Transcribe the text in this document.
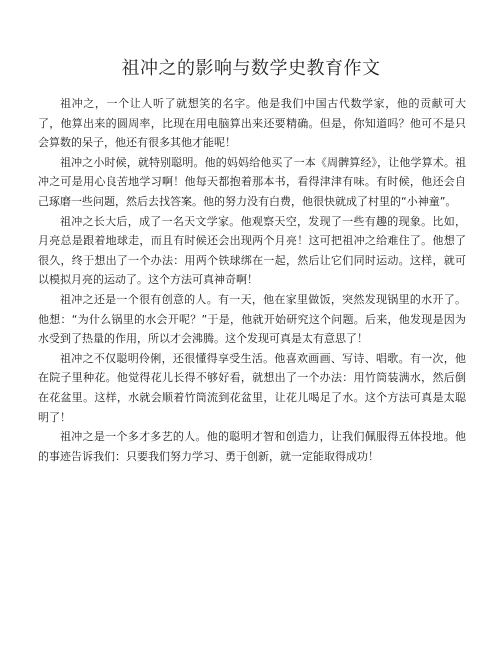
祖冲之的影响与数学史教育作文

祖冲之，一个让人听了就想笑的名字。他是我们中国古代数学家，他的贡献可大了，他算出来的圆周率，比现在用电脑算出来还要精确。但是，你知道吗？他可不是只会算数的呆子，他还有很多其他才能呢！

祖冲之小时候，就特别聪明。他的妈妈给他买了一本《周髀算经》，让他学算术。祖冲之可是用心良苦地学习啊！他每天都抱着那本书，看得津津有味。有时候，他还会自己琢磨一些问题，然后去找答案。他的努力没有白费，他很快就成了村里的“小神童”。

祖冲之长大后，成了一名天文学家。他观察天空，发现了一些有趣的现象。比如，月亮总是跟着地球走，而且有时候还会出现两个月亮！这可把祖冲之给难住了。他想了很久，终于想出了一个办法：用两个铁球绑在一起，然后让它们同时运动。这样，就可以模拟月亮的运动了。这个方法可真神奇啊！

祖冲之还是一个很有创意的人。有一天，他在家里做饭，突然发现锅里的水开了。他想：“为什么锅里的水会开呢？”于是，他就开始研究这个问题。后来，他发现是因为水受到了热量的作用，所以才会沸腾。这个发现可真是太有意思了！

祖冲之不仅聪明伶俐，还很懂得享受生活。他喜欢画画、写诗、唱歌。有一次，他在院子里种花。他觉得花儿长得不够好看，就想出了一个办法：用竹筒装满水，然后倒在花盆里。这样，水就会顺着竹筒流到花盆里，让花儿喝足了水。这个方法可真是太聪明了！

祖冲之是一个多才多艺的人。他的聪明才智和创造力，让我们佩服得五体投地。他的事迹告诉我们：只要我们努力学习、勇于创新，就一定能取得成功！
